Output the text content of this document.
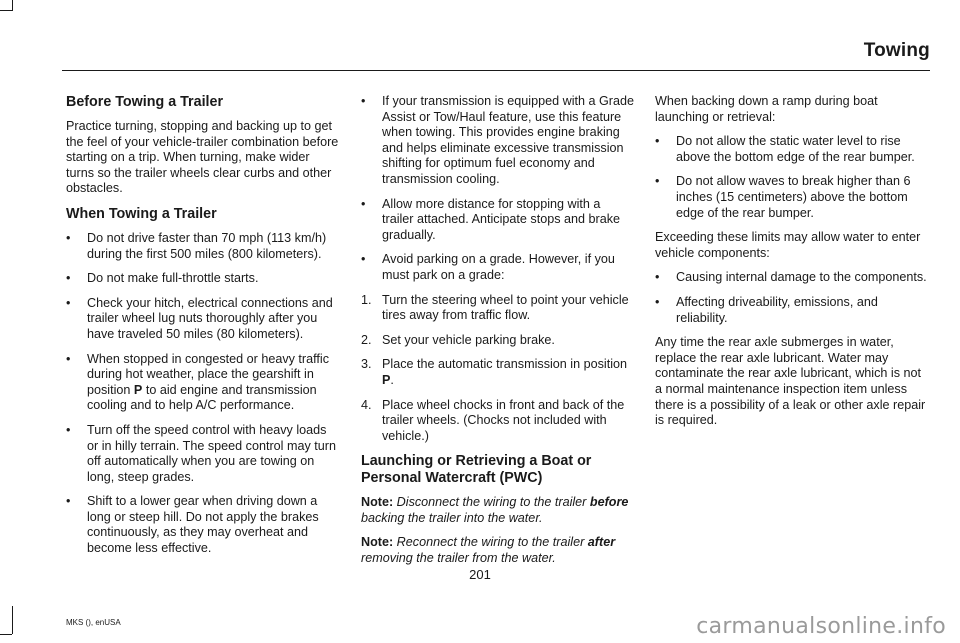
Towing
Before Towing a Trailer
Practice turning, stopping and backing up to get the feel of your vehicle-trailer combination before starting on a trip. When turning, make wider turns so the trailer wheels clear curbs and other obstacles.
When Towing a Trailer
• Do not drive faster than 70 mph (113 km/h) during the first 500 miles (800 kilometers).
• Do not make full-throttle starts.
• Check your hitch, electrical connections and trailer wheel lug nuts thoroughly after you have traveled 50 miles (80 kilometers).
• When stopped in congested or heavy traffic during hot weather, place the gearshift in position P to aid engine and transmission cooling and to help A/C performance.
• Turn off the speed control with heavy loads or in hilly terrain. The speed control may turn off automatically when you are towing on long, steep grades.
• Shift to a lower gear when driving down a long or steep hill. Do not apply the brakes continuously, as they may overheat and become less effective.
• If your transmission is equipped with a Grade Assist or Tow/Haul feature, use this feature when towing. This provides engine braking and helps eliminate excessive transmission shifting for optimum fuel economy and transmission cooling.
• Allow more distance for stopping with a trailer attached. Anticipate stops and brake gradually.
• Avoid parking on a grade. However, if you must park on a grade:
1. Turn the steering wheel to point your vehicle tires away from traffic flow.
2. Set your vehicle parking brake.
3. Place the automatic transmission in position P.
4. Place wheel chocks in front and back of the trailer wheels. (Chocks not included with vehicle.)
Launching or Retrieving a Boat or Personal Watercraft (PWC)
Note: Disconnect the wiring to the trailer before backing the trailer into the water.
Note: Reconnect the wiring to the trailer after removing the trailer from the water.
When backing down a ramp during boat launching or retrieval:
• Do not allow the static water level to rise above the bottom edge of the rear bumper.
• Do not allow waves to break higher than 6 inches (15 centimeters) above the bottom edge of the rear bumper.
Exceeding these limits may allow water to enter vehicle components:
• Causing internal damage to the components.
• Affecting driveability, emissions, and reliability.
Any time the rear axle submerges in water, replace the rear axle lubricant. Water may contaminate the rear axle lubricant, which is not a normal maintenance inspection item unless there is a possibility of a leak or other axle repair is required.
201
MKS (), enUSA	carmanualsonline.info
